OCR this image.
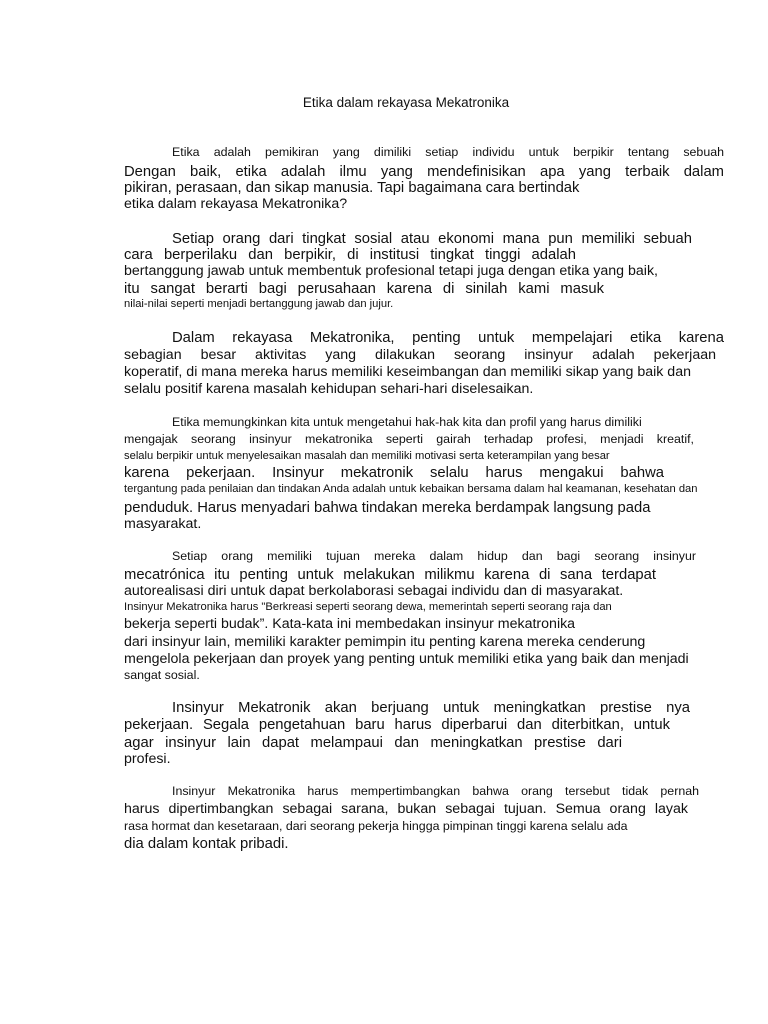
Etika dalam rekayasa Mekatronika
Etika adalah pemikiran yang dimiliki setiap individu untuk berpikir tentang sebuah
Dengan baik, etika adalah ilmu yang mendefinisikan apa yang terbaik dalam
pikiran, perasaan, dan sikap manusia. Tapi bagaimana cara bertindak
etika dalam rekayasa Mekatronika?
Setiap orang dari tingkat sosial atau ekonomi mana pun memiliki sebuah
cara berperilaku dan berpikir, di institusi tingkat tinggi adalah
bertanggung jawab untuk membentuk profesional tetapi juga dengan etika yang baik,
itu sangat berarti bagi perusahaan karena di sinilah kami masuk
nilai-nilai seperti menjadi bertanggung jawab dan jujur.
Dalam rekayasa Mekatronika, penting untuk mempelajari etika karena
sebagian besar aktivitas yang dilakukan seorang insinyur adalah pekerjaan
koperatif, di mana mereka harus memiliki keseimbangan dan memiliki sikap yang baik dan
selalu positif karena masalah kehidupan sehari-hari diselesaikan.
Etika memungkinkan kita untuk mengetahui hak-hak kita dan profil yang harus dimiliki
mengajak seorang insinyur mekatronika seperti gairah terhadap profesi, menjadi kreatif,
selalu berpikir untuk menyelesaikan masalah dan memiliki motivasi serta keterampilan yang besar
karena pekerjaan. Insinyur mekatronik selalu harus mengakui bahwa
tergantung pada penilaian dan tindakan Anda adalah untuk kebaikan bersama dalam hal keamanan, kesehatan dan
penduduk. Harus menyadari bahwa tindakan mereka berdampak langsung pada
masyarakat.
Setiap orang memiliki tujuan mereka dalam hidup dan bagi seorang insinyur
mecatrónica itu penting untuk melakukan milikmu karena di sana terdapat
autorealisasi diri untuk dapat berkolaborasi sebagai individu dan di masyarakat.
Insinyur Mekatronika harus "Berkreasi seperti seorang dewa, memerintah seperti seorang raja dan
bekerja seperti budak”. Kata-kata ini membedakan insinyur mekatronika
dari insinyur lain, memiliki karakter pemimpin itu penting karena mereka cenderung
mengelola pekerjaan dan proyek yang penting untuk memiliki etika yang baik dan menjadi
sangat sosial.
Insinyur Mekatronik akan berjuang untuk meningkatkan prestise nya
pekerjaan. Segala pengetahuan baru harus diperbarui dan diterbitkan, untuk
agar insinyur lain dapat melampaui dan meningkatkan prestise dari
profesi.
Insinyur Mekatronika harus mempertimbangkan bahwa orang tersebut tidak pernah
harus dipertimbangkan sebagai sarana, bukan sebagai tujuan. Semua orang layak
rasa hormat dan kesetaraan, dari seorang pekerja hingga pimpinan tinggi karena selalu ada
dia dalam kontak pribadi.
